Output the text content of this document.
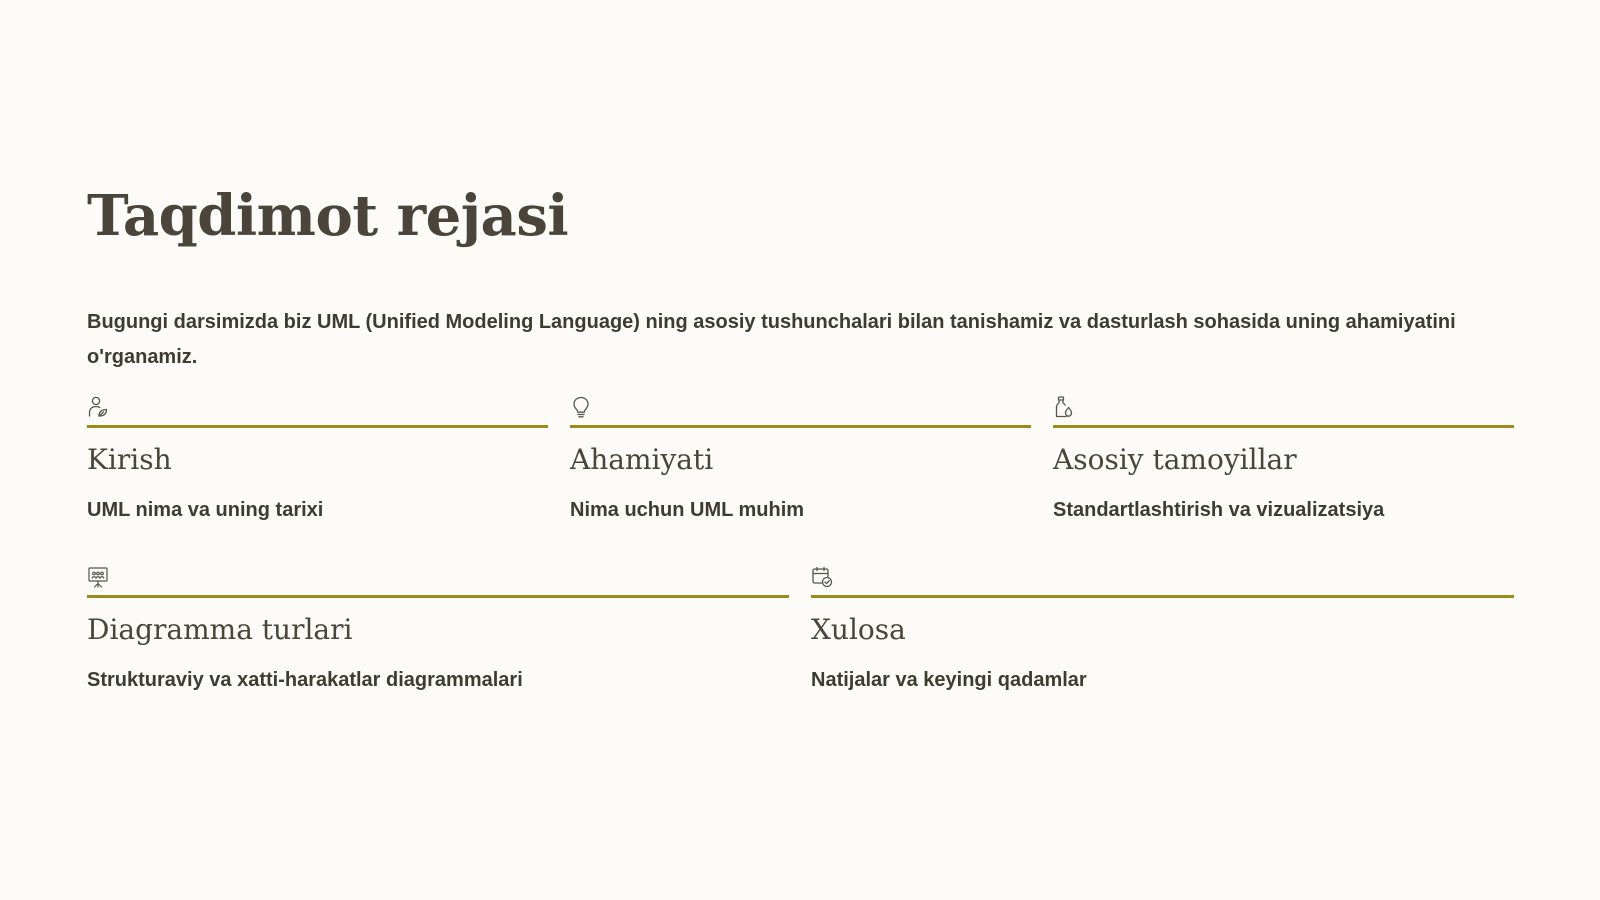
Taqdimot rejasi

Bugungi darsimizda biz UML (Unified Modeling Language) ning asosiy tushunchalari bilan tanishamiz va dasturlash sohasida uning ahamiyatini o'rganamiz.

Kirish

UML nima va uning tarixi

Ahamiyati

Nima uchun UML muhim

Asosiy tamoyillar

Standartlashtirish va vizualizatsiya

Diagramma turlari

Strukturaviy va xatti-harakatlar diagrammalari

Xulosa

Natijalar va keyingi qadamlar
